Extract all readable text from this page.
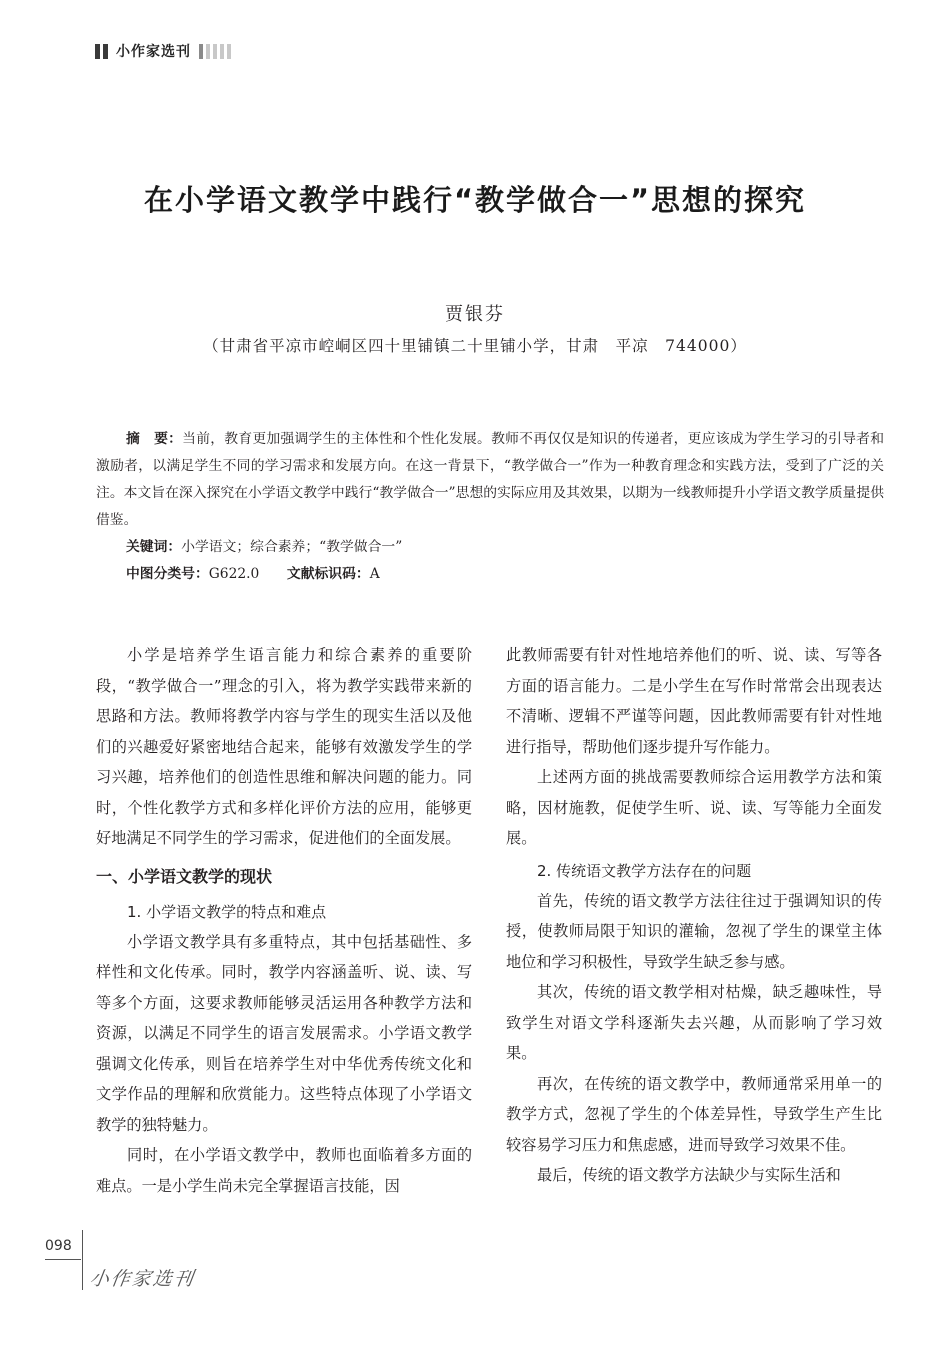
小作家选刊
在小学语文教学中践行“教学做合一”思想的探究
贾银芬
（甘肃省平凉市崆峒区四十里铺镇二十里铺小学，甘肃　平凉　744000）

摘　要：当前，教育更加强调学生的主体性和个性化发展。教师不再仅仅是知识的传递者，更应该成为学生学习的引导者和激励者，以满足学生不同的学习需求和发展方向。在这一背景下，“教学做合一”作为一种教育理念和实践方法，受到了广泛的关注。本文旨在深入探究在小学语文教学中践行“教学做合一”思想的实际应用及其效果，以期为一线教师提升小学语文教学质量提供借鉴。

关键词：小学语文；综合素养；“教学做合一”

中图分类号：G622.0　　 文献标识码：A

小学是培养学生语言能力和综合素养的重要阶段，“教学做合一”理念的引入，将为教学实践带来新的思路和方法。教师将教学内容与学生的现实生活以及他们的兴趣爱好紧密地结合起来，能够有效激发学生的学习兴趣，培养他们的创造性思维和解决问题的能力。同时，个性化教学方式和多样化评价方法的应用，能够更好地满足不同学生的学习需求，促进他们的全面发展。

一、小学语文教学的现状
1. 小学语文教学的特点和难点

小学语文教学具有多重特点，其中包括基础性、多样性和文化传承。同时，教学内容涵盖听、说、读、写等多个方面，这要求教师能够灵活运用各种教学方法和资源，以满足不同学生的语言发展需求。小学语文教学强调文化传承，则旨在培养学生对中华优秀传统文化和文学作品的理解和欣赏能力。这些特点体现了小学语文教学的独特魅力。

同时，在小学语文教学中，教师也面临着多方面的难点。一是小学生尚未完全掌握语言技能，因

此教师需要有针对性地培养他们的听、说、读、写等各方面的语言能力。二是小学生在写作时常常会出现表达不清晰、逻辑不严谨等问题，因此教师需要有针对性地进行指导，帮助他们逐步提升写作能力。

上述两方面的挑战需要教师综合运用教学方法和策略，因材施教，促使学生听、说、读、写等能力全面发展。

2. 传统语文教学方法存在的问题

首先，传统的语文教学方法往往过于强调知识的传授，使教师局限于知识的灌输，忽视了学生的课堂主体地位和学习积极性，导致学生缺乏参与感。

其次，传统的语文教学相对枯燥，缺乏趣味性，导致学生对语文学科逐渐失去兴趣，从而影响了学习效果。

再次，在传统的语文教学中，教师通常采用单一的教学方式，忽视了学生的个体差异性，导致学生产生比较容易学习压力和焦虑感，进而导致学习效果不佳。

最后，传统的语文教学方法缺少与实际生活和

098
小作家选刊
